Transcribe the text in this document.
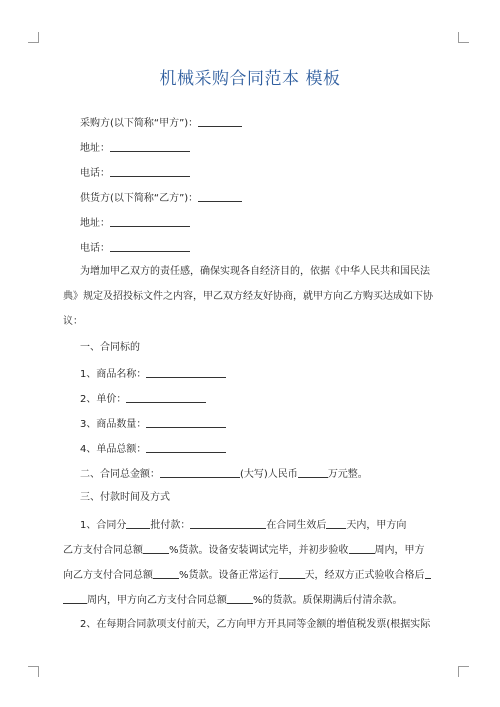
机械采购合同范本 模板
采购方(以下简称“甲方”)：
地址：
电话：
供货方(以下简称“乙方”)：
地址：
电话：
为增加甲乙双方的责任感，确保实现各自经济目的，依据《中华人民共和国民法
典》规定及招投标文件之内容，甲乙双方经友好协商，就甲方向乙方购买达成如下协
议：
一、合同标的
1、商品名称：
2、单价：
3、商品数量：
4、单品总额：
二、合同总金额：	(大写)人民币	万元整。
三、付款时间及方式
1、合同分 批付款：	在合同生效后 天内，甲方向
乙方支付合同总额	%货款。设备安装调试完毕，并初步验收	周内，甲方
向乙方支付合同总额	%货款。设备正常运行	天，经双方正式验收合格后
周内，甲方向乙方支付合同总额	%的货款。质保期满后付清余款。
2、在每期合同款项支付前天，乙方向甲方开具同等金额的增值税发票(根据实际
